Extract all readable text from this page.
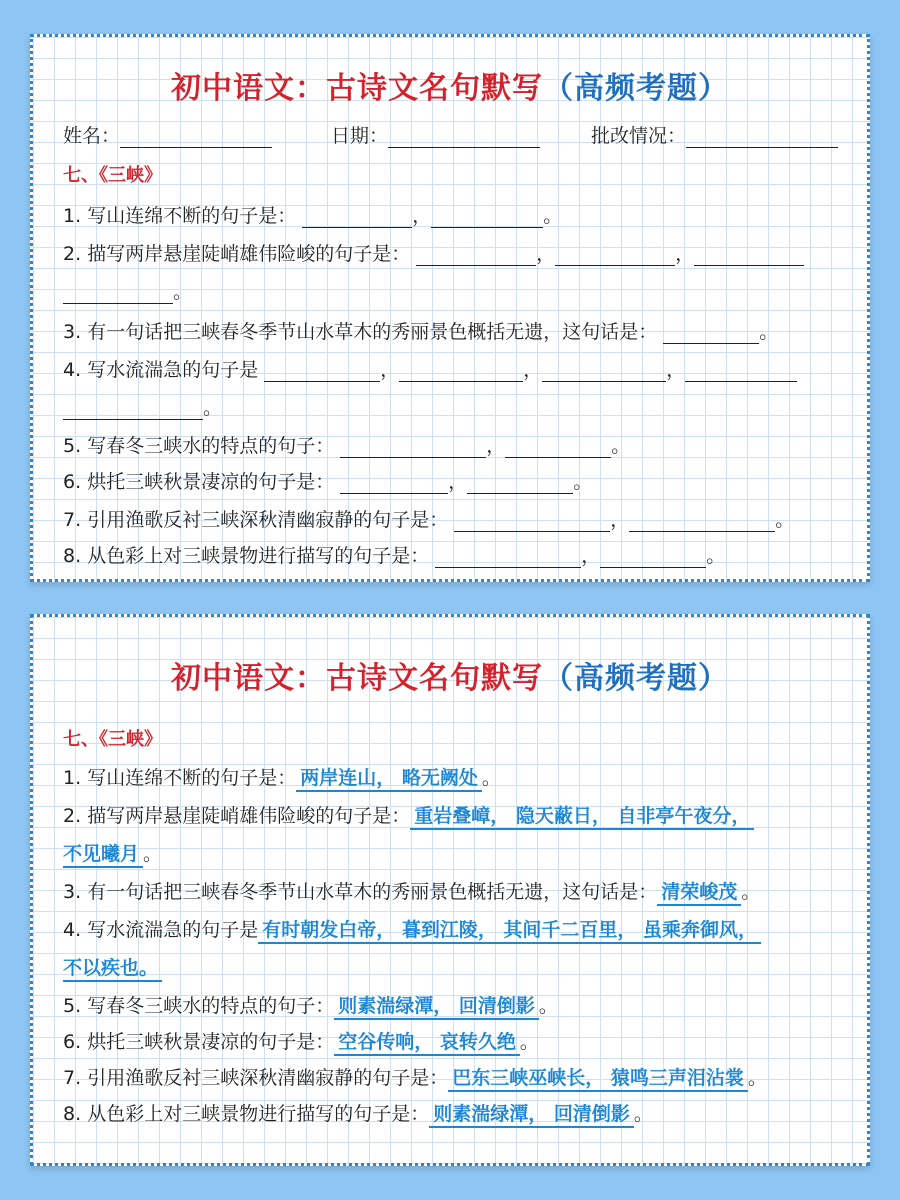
初中语文：古诗文名句默写（高频考题）
姓名：	日期：	批改情况：
七、《三峡》
1. 写山连绵不断的句子是：	，	。
2. 描写两岸悬崖陡峭雄伟险峻的句子是：	，	，
。
3. 有一句话把三峡春冬季节山水草木的秀丽景色概括无遗，这句话是：	。
4. 写水流湍急的句子是	，	，	，
。
5. 写春冬三峡水的特点的句子：	，	。
6. 烘托三峡秋景凄凉的句子是：	，	。
7. 引用渔歌反衬三峡深秋清幽寂静的句子是：	，	。
8. 从色彩上对三峡景物进行描写的句子是：	，	。
初中语文：古诗文名句默写（高频考题）
七、《三峡》
1. 写山连绵不断的句子是： 两岸连山， 略无阙处 。
2. 描写两岸悬崖陡峭雄伟险峻的句子是： 重岩叠嶂， 隐天蔽日， 自非亭午夜分，
不见曦月 。
3. 有一句话把三峡春冬季节山水草木的秀丽景色概括无遗，这句话是： 清荣峻茂 。
4. 写水流湍急的句子是 有时朝发白帝， 暮到江陵， 其间千二百里， 虽乘奔御风，
不以疾也。
5. 写春冬三峡水的特点的句子： 则素湍绿潭， 回清倒影 。
6. 烘托三峡秋景凄凉的句子是： 空谷传响， 哀转久绝 。
7. 引用渔歌反衬三峡深秋清幽寂静的句子是： 巴东三峡巫峡长， 猿鸣三声泪沾裳 。
8. 从色彩上对三峡景物进行描写的句子是： 则素湍绿潭， 回清倒影 。
